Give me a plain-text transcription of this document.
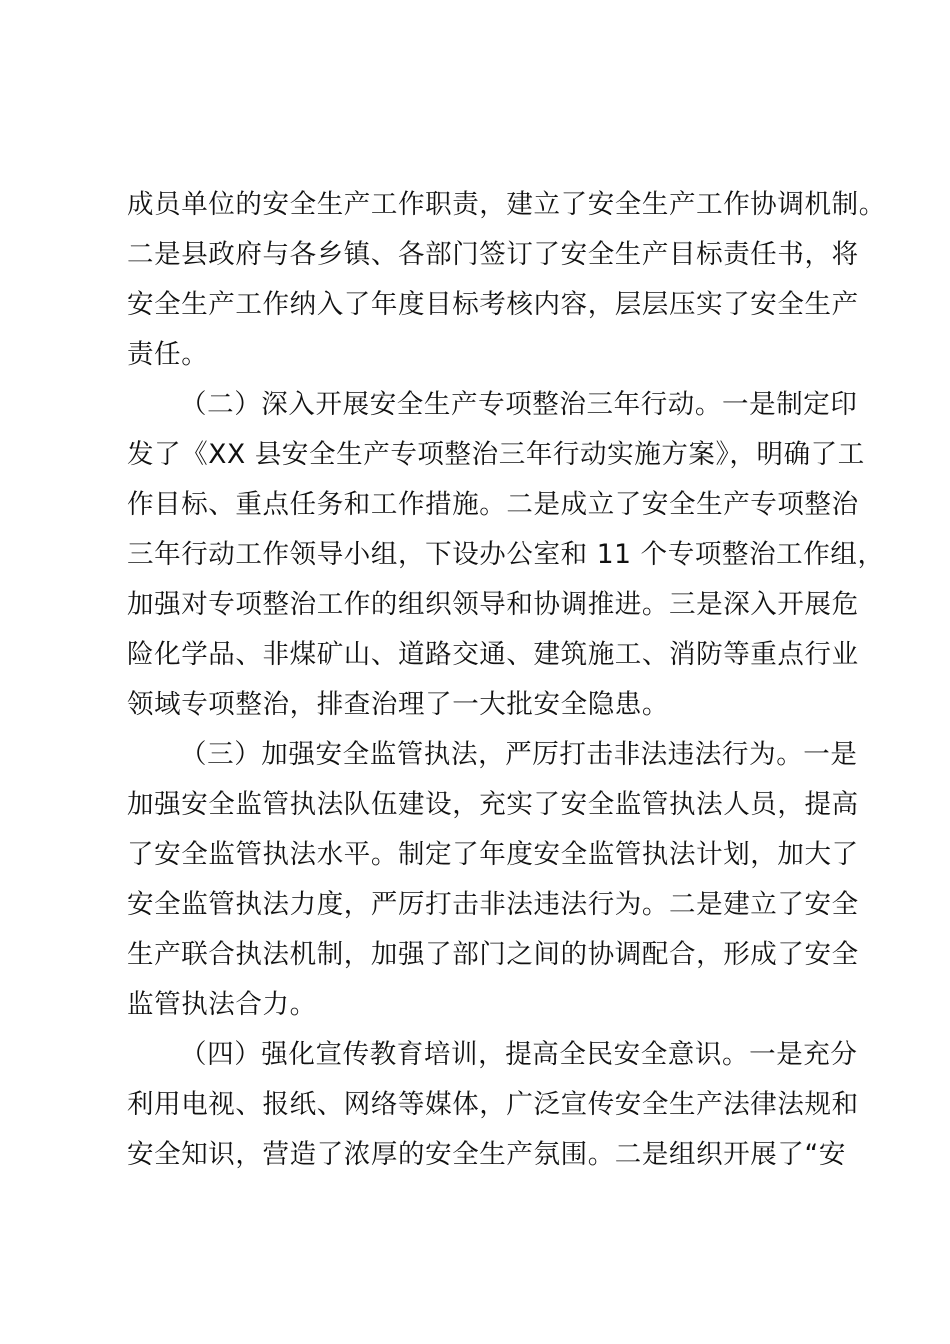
成员单位的安全生产工作职责，建立了安全生产工作协调机制。
二是县政府与各乡镇、各部门签订了安全生产目标责任书，将
安全生产工作纳入了年度目标考核内容，层层压实了安全生产
责任。
（二）深入开展安全生产专项整治三年行动。一是制定印
发了《XX 县安全生产专项整治三年行动实施方案》，明确了工
作目标、重点任务和工作措施。二是成立了安全生产专项整治
三年行动工作领导小组，下设办公室和 11 个专项整治工作组，
加强对专项整治工作的组织领导和协调推进。三是深入开展危
险化学品、非煤矿山、道路交通、建筑施工、消防等重点行业
领域专项整治，排查治理了一大批安全隐患。
（三）加强安全监管执法，严厉打击非法违法行为。一是
加强安全监管执法队伍建设，充实了安全监管执法人员，提高
了安全监管执法水平。制定了年度安全监管执法计划，加大了
安全监管执法力度，严厉打击非法违法行为。二是建立了安全
生产联合执法机制，加强了部门之间的协调配合，形成了安全
监管执法合力。
（四）强化宣传教育培训，提高全民安全意识。一是充分
利用电视、报纸、网络等媒体，广泛宣传安全生产法律法规和
安全知识，营造了浓厚的安全生产氛围。二是组织开展了“安
